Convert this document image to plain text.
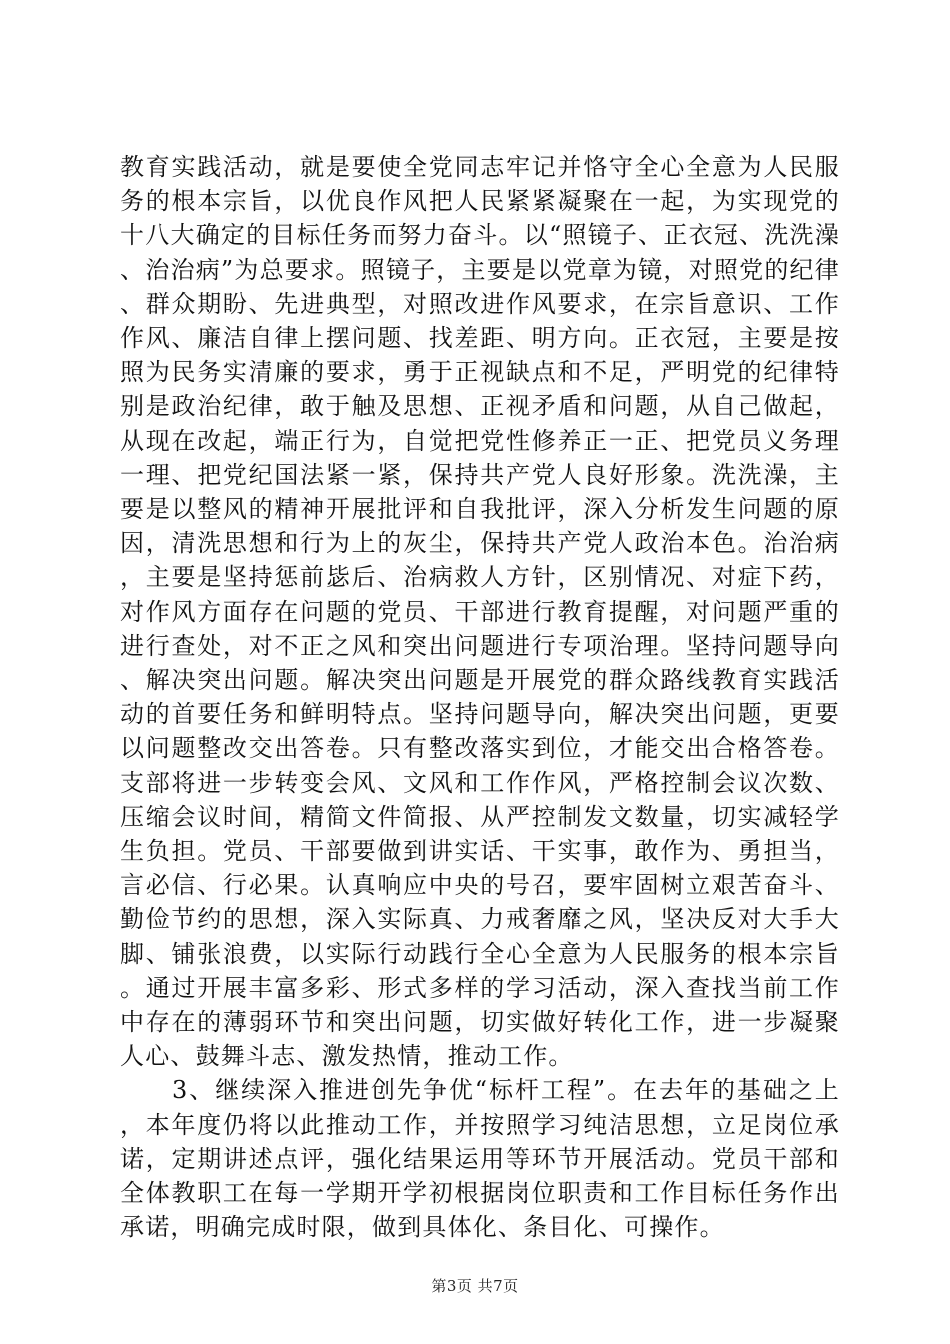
教育实践活动，就是要使全党同志牢记并恪守全心全意为人民服务的根本宗旨，以优良作风把人民紧紧凝聚在一起，为实现党的十八大确定的目标任务而努力奋斗。以“照镜子、正衣冠、洗洗澡、治治病”为总要求。照镜子，主要是以党章为镜，对照党的纪律、群众期盼、先进典型，对照改进作风要求，在宗旨意识、工作作风、廉洁自律上摆问题、找差距、明方向。正衣冠，主要是按照为民务实清廉的要求，勇于正视缺点和不足，严明党的纪律特别是政治纪律，敢于触及思想、正视矛盾和问题，从自己做起，从现在改起，端正行为，自觉把党性修养正一正、把党员义务理一理、把党纪国法紧一紧，保持共产党人良好形象。洗洗澡，主要是以整风的精神开展批评和自我批评，深入分析发生问题的原因，清洗思想和行为上的灰尘，保持共产党人政治本色。治治病，主要是坚持惩前毖后、治病救人方针，区别情况、对症下药，对作风方面存在问题的党员、干部进行教育提醒，对问题严重的进行查处，对不正之风和突出问题进行专项治理。坚持问题导向、解决突出问题。解决突出问题是开展党的群众路线教育实践活动的首要任务和鲜明特点。坚持问题导向，解决突出问题，更要以问题整改交出答卷。只有整改落实到位，才能交出合格答卷。支部将进一步转变会风、文风和工作作风，严格控制会议次数、压缩会议时间，精简文件简报、从严控制发文数量，切实减轻学生负担。党员、干部要做到讲实话、干实事，敢作为、勇担当，言必信、行必果。认真响应中央的号召，要牢固树立艰苦奋斗、勤俭节约的思想，深入实际真、力戒奢靡之风，坚决反对大手大脚、铺张浪费，以实际行动践行全心全意为人民服务的根本宗旨。通过开展丰富多彩、形式多样的学习活动，深入查找当前工作中存在的薄弱环节和突出问题，切实做好转化工作，进一步凝聚人心、鼓舞斗志、激发热情，推动工作。

3、继续深入推进创先争优“标杆工程”。在去年的基础之上，本年度仍将以此推动工作，并按照学习纯洁思想，立足岗位承诺，定期讲述点评，强化结果运用等环节开展活动。党员干部和全体教职工在每一学期开学初根据岗位职责和工作目标任务作出承诺，明确完成时限，做到具体化、条目化、可操作。

第3页 共7页
